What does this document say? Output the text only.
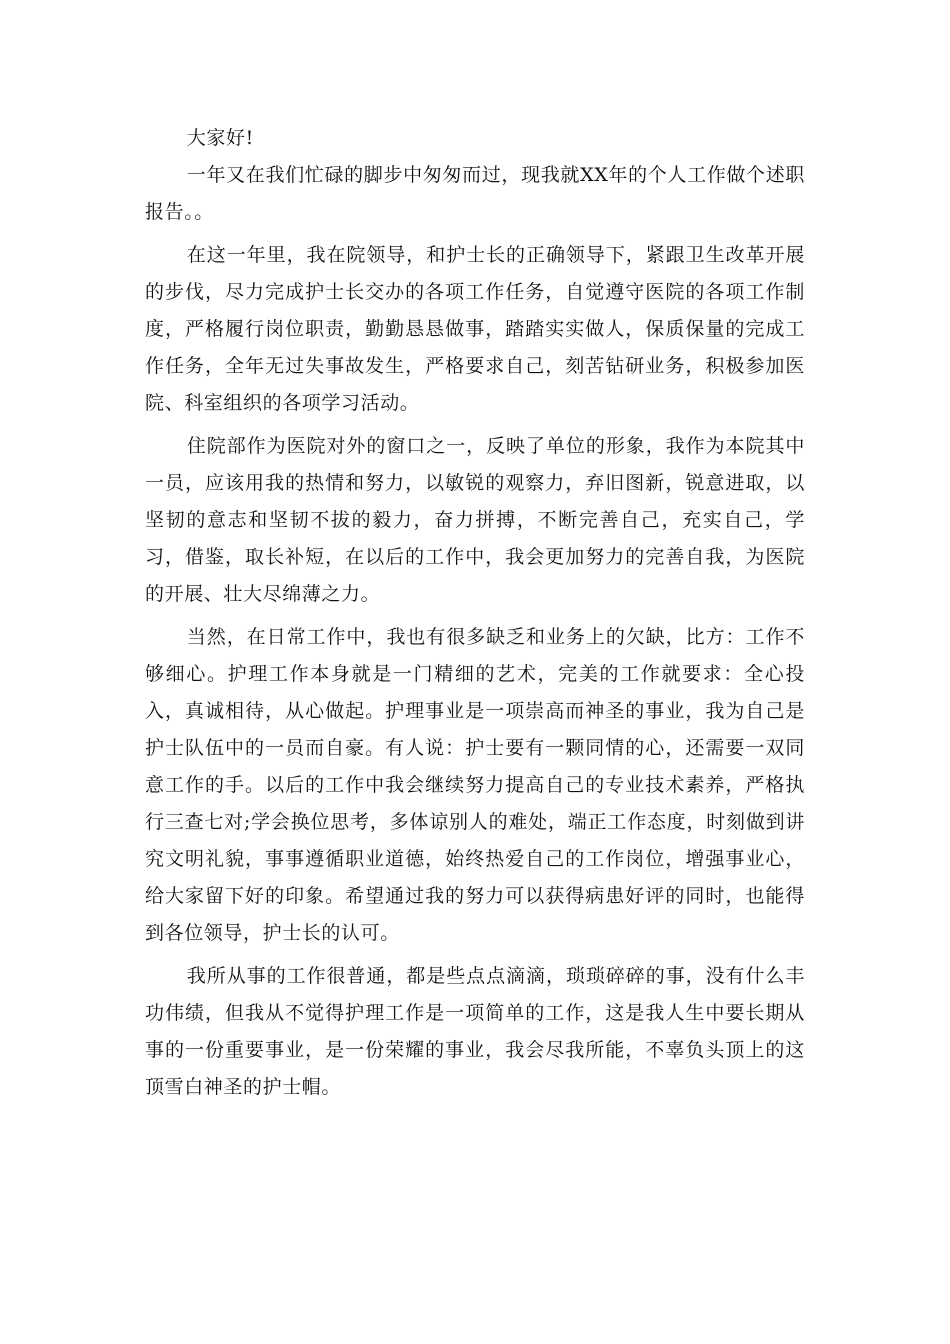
大家好!

一年又在我们忙碌的脚步中匆匆而过，现我就XX年的个人工作做个述职报告。。

在这一年里，我在院领导，和护士长的正确领导下，紧跟卫生改革开展的步伐，尽力完成护士长交办的各项工作任务，自觉遵守医院的各项工作制度，严格履行岗位职责，勤勤恳恳做事，踏踏实实做人，保质保量的完成工作任务，全年无过失事故发生，严格要求自己，刻苦钻研业务，积极参加医院、科室组织的各项学习活动。

住院部作为医院对外的窗口之一，反映了单位的形象，我作为本院其中一员，应该用我的热情和努力，以敏锐的观察力，弃旧图新，锐意进取，以坚韧的意志和坚韧不拔的毅力，奋力拼搏，不断完善自己，充实自己，学习，借鉴，取长补短，在以后的工作中，我会更加努力的完善自我，为医院的开展、壮大尽绵薄之力。

当然，在日常工作中，我也有很多缺乏和业务上的欠缺，比方：工作不够细心。护理工作本身就是一门精细的艺术，完美的工作就要求：全心投入，真诚相待，从心做起。护理事业是一项崇高而神圣的事业，我为自己是护士队伍中的一员而自豪。有人说：护士要有一颗同情的心，还需要一双同意工作的手。以后的工作中我会继续努力提高自己的专业技术素养，严格执行三查七对;学会换位思考，多体谅别人的难处，端正工作态度，时刻做到讲究文明礼貌，事事遵循职业道德，始终热爱自己的工作岗位，增强事业心，给大家留下好的印象。希望通过我的努力可以获得病患好评的同时，也能得到各位领导，护士长的认可。

我所从事的工作很普通，都是些点点滴滴，琐琐碎碎的事，没有什么丰功伟绩，但我从不觉得护理工作是一项简单的工作，这是我人生中要长期从事的一份重要事业，是一份荣耀的事业，我会尽我所能，不辜负头顶上的这顶雪白神圣的护士帽。
